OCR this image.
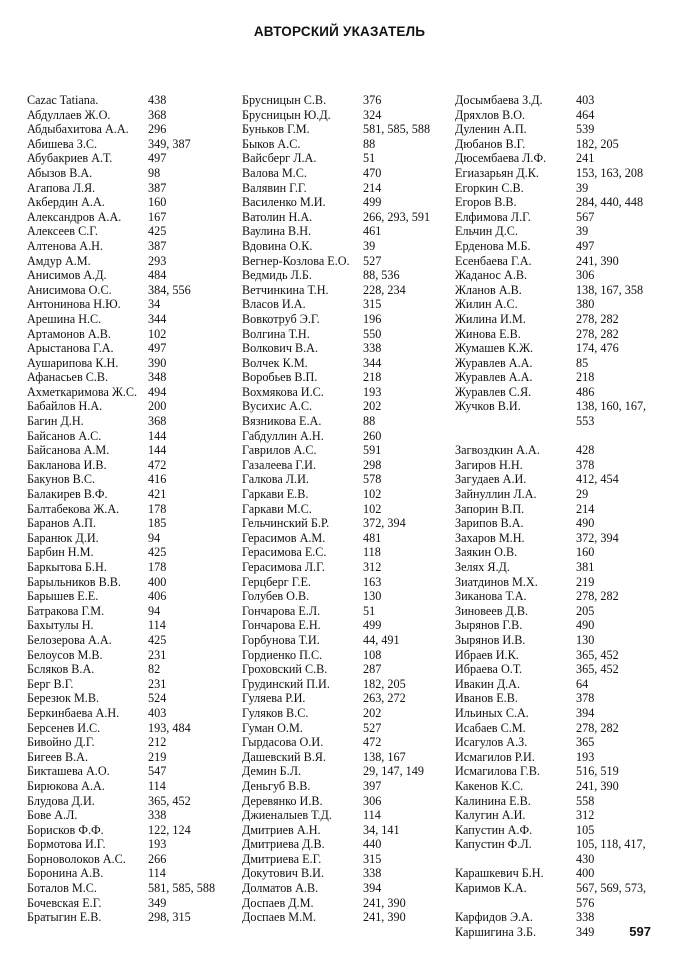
АВТОРСКИЙ УКАЗАТЕЛЬ
Cazac Tatiana.	438
Абдуллаев Ж.О.	368
Абдыбахитова А.А.	296
Абишева З.С.	349, 387
Абубакриев А.Т.	497
Абызов В.А.	98
Агапова Л.Я.	387
Акбердин А.А.	160
Александров А.А.	167
Алексеев С.Г.	425
Алтенова А.Н.	387
Амдур А.М.	293
Анисимов А.Д.	484
Анисимова О.С.	384, 556
Антонинова Н.Ю.	34
Арешина Н.С.	344
Артамонов А.В.	102
Арыстанова Г.А.	497
Аушарипова К.Н.	390
Афанасьев С.В.	348
Ахметкаримова Ж.С. 494
Бабайлов Н.А.	200
Багин Д.Н.	368
Байсанов А.С.	144
Байсанова А.М.	144
Бакланова И.В.	472
Бакунов В.С.	416
Балакирев В.Ф.	421
Балтабекова Ж.А.	178
Баранов А.П.	185
Баранюк Д.И.	94
Барбин Н.М.	425
Баркытова Б.Н.	178
Барыльников В.В.	400
Барышев Е.Е.	406
Батракова Г.М.	94
Бахытулы Н.	114
Белозерова А.А.	425
Белоусов М.В.	231
Бсляков В.А.	82
Берг В.Г.	231
Березюк М.В.	524
Беркинбаева А.Н.	403
Берсенев И.С.	193, 484
Бивойно Д.Г.	212
Бигеев В.А.	219
Бикташева А.О.	547
Бирюкова А.А.	114
Блудова Д.И.	365, 452
Бове А.Л.	338
Борисков Ф.Ф.	122, 124
Бормотова И.Г.	193
Борноволоков А.С.	266
Боронина А.В.	114
Боталов М.С.	581, 585, 588
Бочевская Е.Г.	349
Братыгин Е.В.	298, 315
Брусницын С.В.	376
Брусницын Ю.Д.	324
Буньков Г.М.	581, 585, 588
Быков А.С.	88
Вайсберг Л.А.	51
Валова М.С.	470
Валявин Г.Г.	214
Василенко М.И.	499
Ватолин Н.А.	266, 293, 591
Ваулина В.Н.	461
Вдовина О.К.	39
Вегнер-Козлова Е.О.	527
Ведмидь Л.Б.	88, 536
Ветчинкина Т.Н.	228, 234
Власов И.А.	315
Вовкотруб Э.Г.	196
Волгина Т.Н.	550
Волкович В.А.	338
Волчек К.М.	344
Воробьев В.П.	218
Вохмякова И.С.	193
Вусихис А.С.	202
Вязникова Е.А.	88
Габдуллин А.Н.	260
Гаврилов А.С.	591
Газалеева Г.И.	298
Галкова Л.И.	578
Гаркави Е.В.	102
Гаркави М.С.	102
Гельчинский Б.Р.	372, 394
Герасимов А.М.	481
Герасимова Е.С.	118
Герасимова Л.Г.	312
Герцберг Г.Е.	163
Голубев О.В.	130
Гончарова Е.Л.	51
Гончарова Е.Н.	499
Горбунова Т.И.	44, 491
Гордиенко П.С.	108
Гроховский С.В.	287
Грудинский П.И.	182, 205
Гуляева Р.И.	263, 272
Гуляков В.С.	202
Гуман О.М.	527
Гырдасова О.И.	472
Дашевский В.Я.	138, 167
Демин Б.Л.	29, 147, 149
Деньгуб В.В.	397
Деревянко И.В.	306
Джиеналыев Т.Д.	114
Дмитриев А.Н.	34, 141
Дмитриева Д.В.	440
Дмитриева Е.Г.	315
Докутович В.И.	338
Долматов А.В.	394
Доспаев Д.М.	241, 390
Доспаев М.М.	241, 390
Досымбаева З.Д.	403
Дряхлов В.О.	464
Дуленин А.П.	539
Дюбанов В.Г.	182, 205
Дюсембаева Л.Ф.	241
Егиазарьян Д.К.	153, 163, 208
Егоркин С.В.	39
Егоров В.В.	284, 440, 448
Елфимова Л.Г.	567
Ельчин Д.С.	39
Ерденова М.Б.	497
Есенбаева Г.А.	241, 390
Жаданос А.В.	306
Жланов А.В.	138, 167, 358
Жилин А.С.	380
Жилина И.М.	278, 282
Жинова Е.В.	278, 282
Жумашев К.Ж.	174, 476
Журавлев А.А.	85
Журавлев А.А.	218
Журавлев С.Я.	486
Жучков В.И.	138, 160, 167,
553
Загвоздкин А.А.	428
Загиров Н.Н.	378
Загудаев А.И.	412, 454
Зайнуллин Л.А.	29
Запорин В.П.	214
Зарипов В.А.	490
Захаров М.Н.	372, 394
Заякин О.В.	160
Зелях Я.Д.	381
Зиатдинов М.Х.	219
Зиканова Т.А.	278, 282
Зиновеев Д.В.	205
Зырянов Г.В.	490
Зырянов И.В.	130
Ибраев И.К.	365, 452
Ибраева О.Т.	365, 452
Ивакин Д.А.	64
Иванов Е.В.	378
Ильиных С.А.	394
Исабаев С.М.	278, 282
Исагулов А.З.	365
Исмагилов Р.И.	193
Исмагилова Г.В.	516, 519
Какенов К.С.	241, 390
Калинина Е.В.	558
Калугин А.И.	312
Капустин А.Ф.	105
Капустин Ф.Л.	105, 118, 417,
430
Карашкевич Б.Н.	400
Каримов К.А.	567, 569, 573,
576
Карфидов Э.А.	338
Каршигина З.Б.	349	597
